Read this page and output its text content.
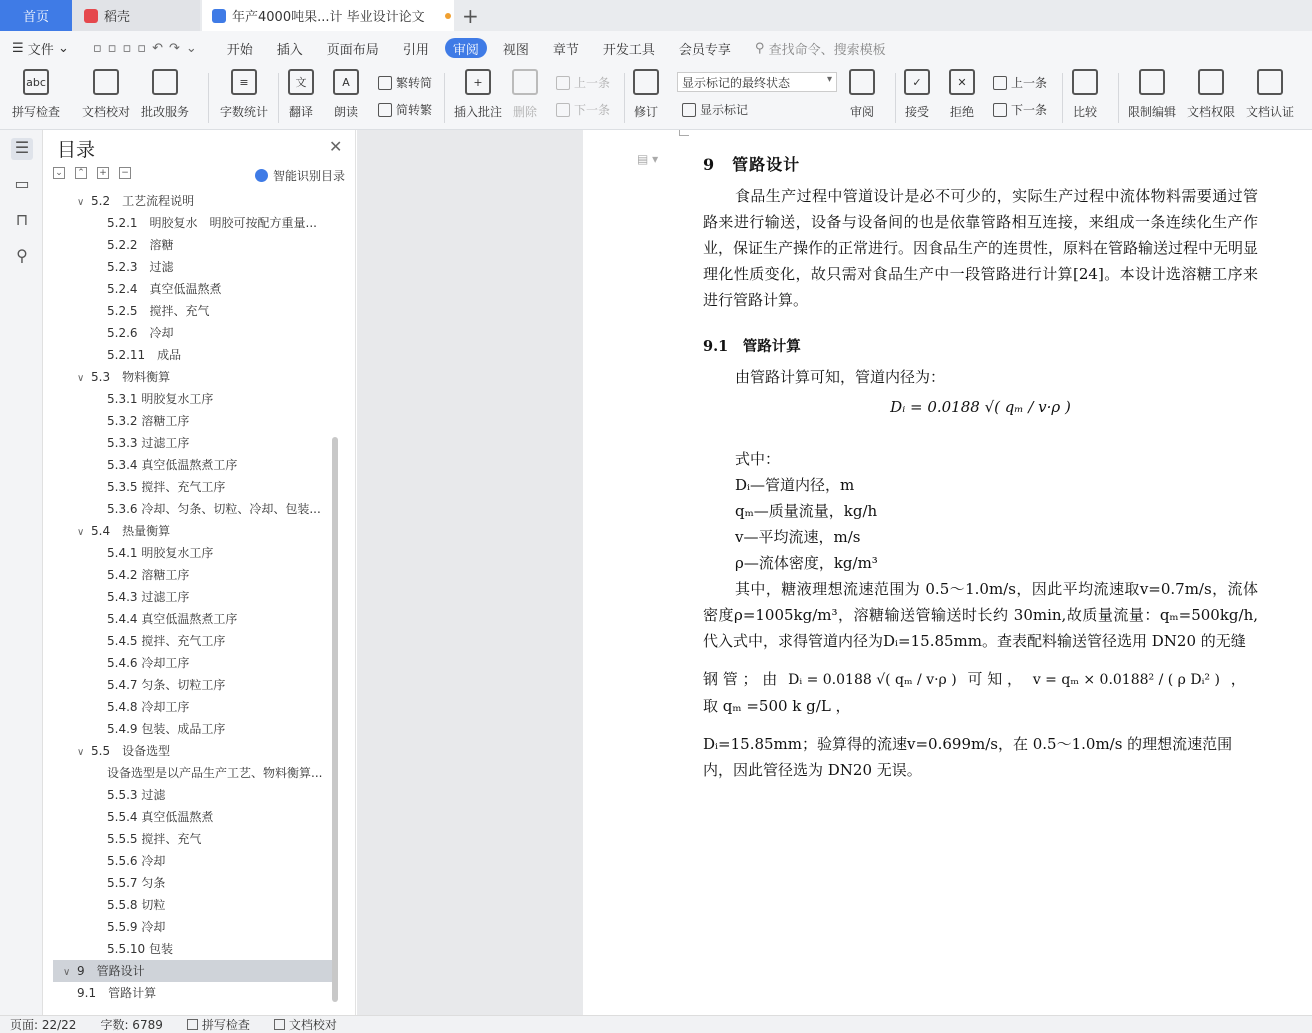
首页	稻壳	年产4000吨果...计 毕业设计论文 +
☰ 文件 ⌄	▫▫▫▫↶↷⌄	开始	插入	页面布局	引用	审阅	视图	章节	开发工具	会员专享	⚲ 查找命令、搜索模板
abc
拼写检查 文档校对 批改服务
≡
字数统计
文
翻译
A
朗读
繁转简
简转繁
+
插入批注 删除
上一条
下一条 修订
显示标记的最终状态 ▾
显示标记	审阅
✓
接受
✕
拒绝
上一条
下一条 比较	限制编辑 文档权限 文档认证
☰
▭
⊓
⚲
目录	✕
⌄ ⌃ + −	智能识别目录
∨ 5.2　工艺流程说明
5.2.1　明胶复水　明胶可按配方重量...
5.2.2　溶糖
5.2.3　过滤
5.2.4　真空低温熬煮
5.2.5　搅拌、充气
5.2.6　冷却
5.2.11　成品
∨ 5.3　物料衡算
5.3.1 明胶复水工序
5.3.2 溶糖工序
5.3.3 过滤工序
5.3.4 真空低温熬煮工序
5.3.5 搅拌、充气工序
5.3.6 冷却、匀条、切粒、冷却、包装...
∨ 5.4　热量衡算
5.4.1 明胶复水工序
5.4.2 溶糖工序
5.4.3 过滤工序
5.4.4 真空低温熬煮工序
5.4.5 搅拌、充气工序
5.4.6 冷却工序
5.4.7 匀条、切粒工序
5.4.8 冷却工序
5.4.9 包装、成品工序
∨ 5.5　设备选型
设备选型是以产品生产工艺、物料衡算...
5.5.3 过滤
5.5.4 真空低温熬煮
5.5.5 搅拌、充气
5.5.6 冷却
5.5.7 匀条
5.5.8 切粒
5.5.9 冷却
5.5.10 包装
∨ 9　管路设计
9.1　管路计算
▤ ▾	9　管路设计
食品生产过程中管道设计是必不可少的，实际生产过程中流体物料需要通过管路来进行输送，设备与设备间的也是依靠管路相互连接，来组成一条连续化生产作业，保证生产操作的正常进行。因食品生产的连贯性，原料在管路输送过程中无明显理化性质变化，故只需对食品生产中一段管路进行计算[24]。本设计选溶糖工序来进行管路计算。
9.1　管路计算
由管路计算可知，管道内径为：
Dᵢ = 0.0188 √( qₘ / v·ρ )
式中：
Dᵢ—管道内径，m
qₘ—质量流量，kg/h
v—平均流速，m/s
ρ—流体密度，kg/m³
其中，糖液理想流速范围为 0.5～1.0m/s，因此平均流速取v=0.7m/s，流体密度ρ=1005kg/m³，溶糖输送管输送时长约 30min,故质量流量：qₘ=500kg/h, 代入式中，求得管道内径为Dᵢ=15.85mm。查表配料输送管径选用 DN20 的无缝
钢 管 ； 由 Dᵢ = 0.0188 √( qₘ / v·ρ ) 可 知 ， v = qₘ × 0.0188² / ( ρ Dᵢ² ) ， 取 qₘ =500 k g/L ，
Dᵢ=15.85mm；验算得的流速v=0.699m/s，在 0.5～1.0m/s 的理想流速范围内，因此管径选为 DN20 无误。
页面: 22/22 字数: 6789	拼写检查	文档校对
